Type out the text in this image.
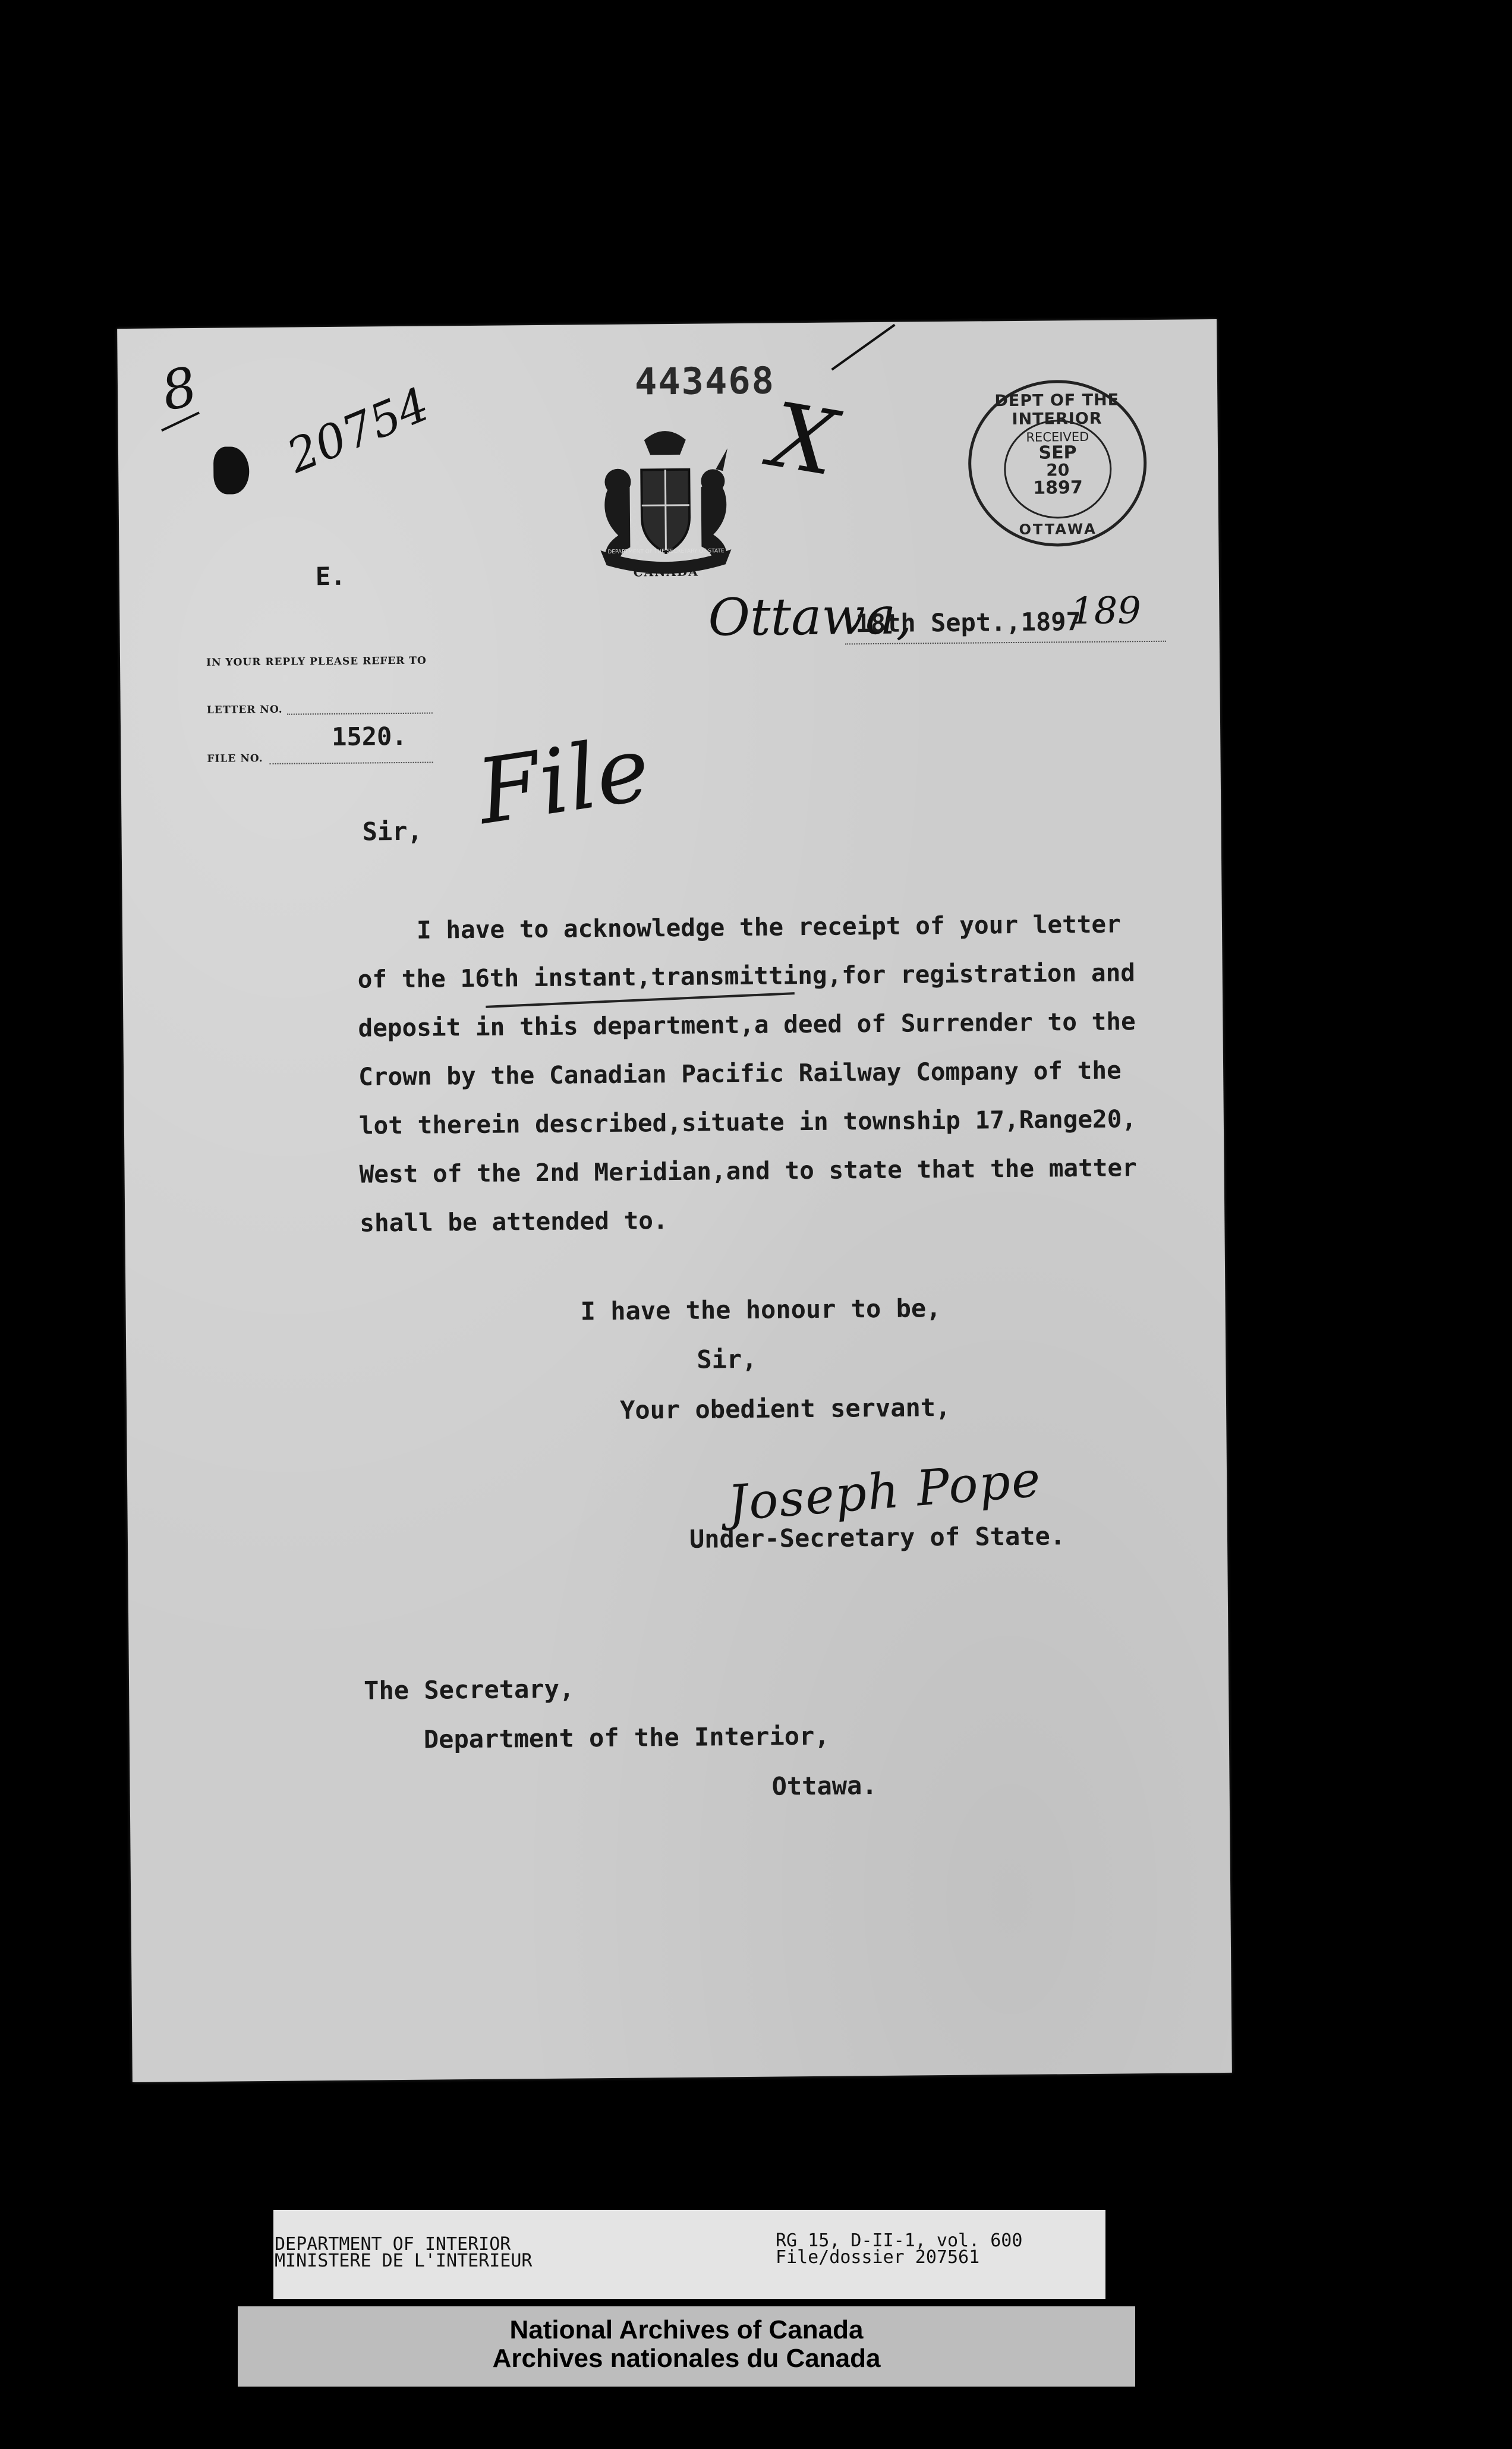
8 20754	443468
DEPARTMENT OF THE SECRETARY OF STATE
CANADA
X	DEPT OF THE INTERIOR
RECEIVED
SEP
20
1897
OTTAWA
E.
IN YOUR REPLY PLEASE REFER TO
LETTER NO.
FILE NO.
1520.
Ottawa,
18th Sept.,1897
189
File
Sir,
I have to acknowledge the receipt of your letter
of the 16th instant,transmitting,for registration and
deposit in this department,a deed of Surrender to the
Crown by the Canadian Pacific Railway Company of the
lot therein described,situate in township 17,Range20,
West of the 2nd Meridian,and to state that the matter
shall be attended to.
I have the honour to be,
Sir,
Your obedient servant,
Joseph Pope
Under-Secretary of State.
The Secretary,
Department of the Interior,
Ottawa.
DEPARTMENT OF INTERIOR
MINISTERE DE L'INTERIEUR
RG 15, D-II-1, vol. 600
File/dossier 207561
National Archives of Canada
Archives nationales du Canada
